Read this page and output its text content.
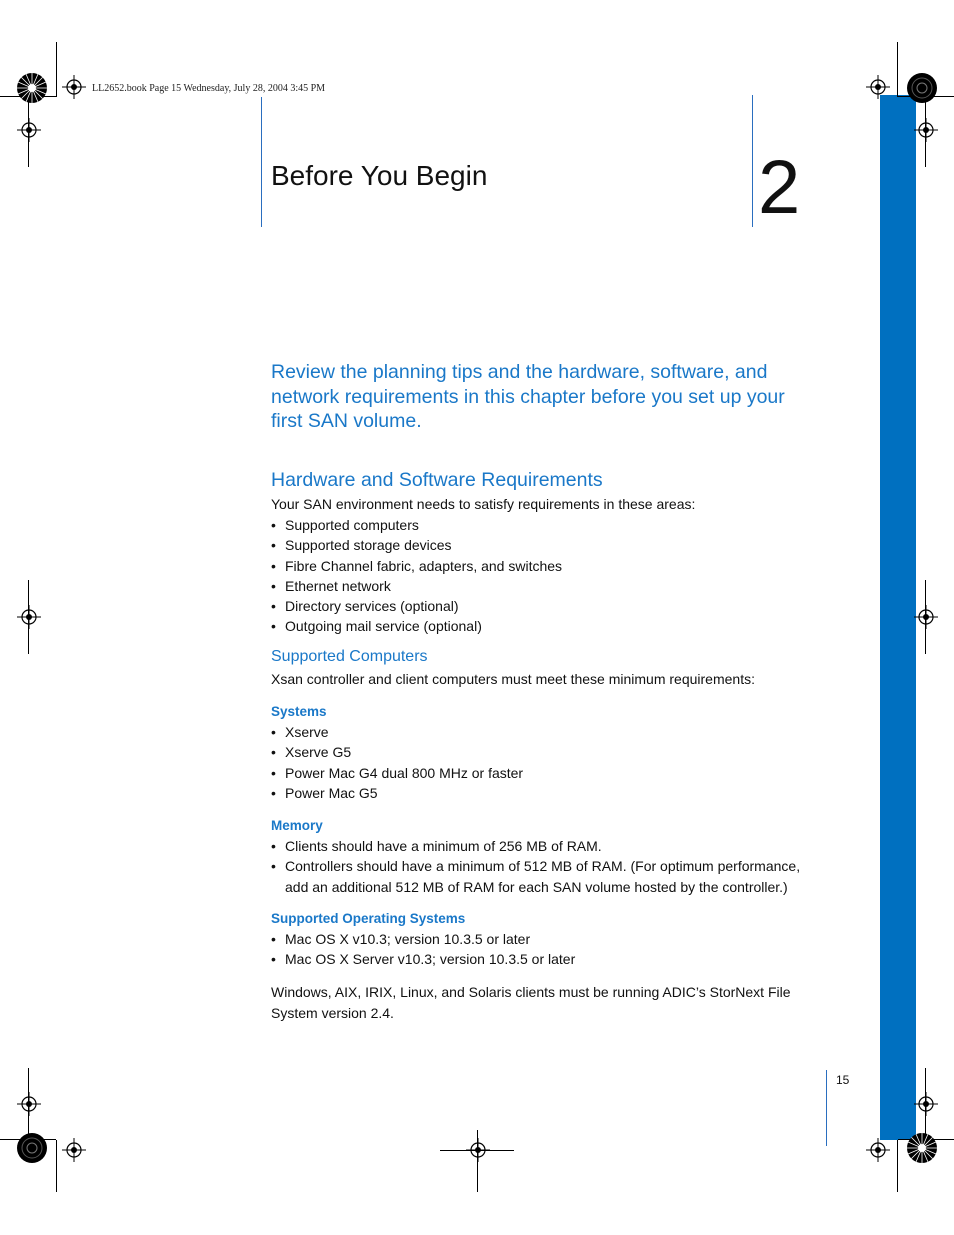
LL2652.book Page 15 Wednesday, July 28, 2004 3:45 PM
Before You Begin	2
Review the planning tips and the hardware, software, and network requirements in this chapter before you set up your first SAN volume.
Hardware and Software Requirements
Your SAN environment needs to satisfy requirements in these areas:
• Supported computers
• Supported storage devices
• Fibre Channel fabric, adapters, and switches
• Ethernet network
• Directory services (optional)
• Outgoing mail service (optional)
Supported Computers
Xsan controller and client computers must meet these minimum requirements:
Systems
• Xserve
• Xserve G5
• Power Mac G4 dual 800 MHz or faster
• Power Mac G5
Memory
• Clients should have a minimum of 256 MB of RAM.
• Controllers should have a minimum of 512 MB of RAM. (For optimum performance, add an additional 512 MB of RAM for each SAN volume hosted by the controller.)
Supported Operating Systems
• Mac OS X v10.3; version 10.3.5 or later
• Mac OS X Server v10.3; version 10.3.5 or later
Windows, AIX, IRIX, Linux, and Solaris clients must be running ADIC’s StorNext File System version 2.4.
15
